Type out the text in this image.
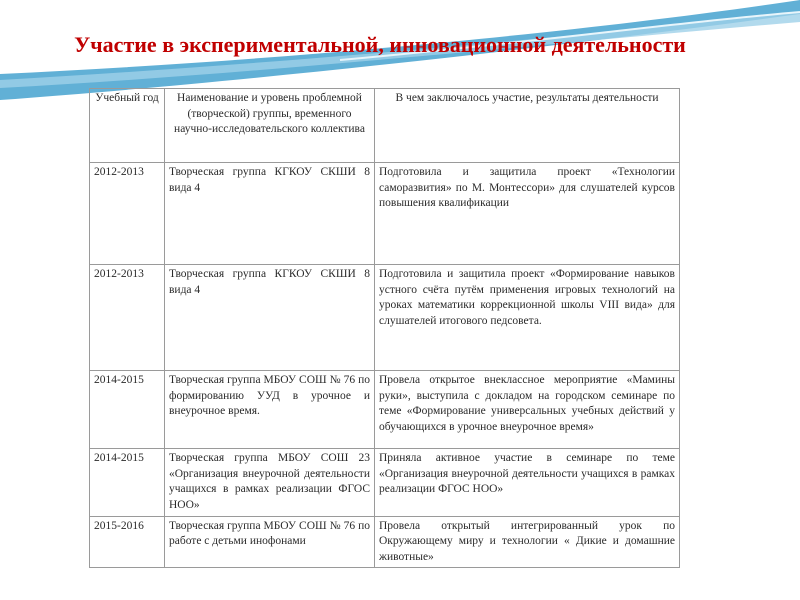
Участие в экспериментальной, инновационной деятельности
Учебный год	Наименование и уровень проблемной (творческой) группы, временного научно-исследовательского коллектива	В чем заключалось участие, результаты деятельности
2012-2013	Творческая группа КГКОУ СКШИ 8 вида 4	Подготовила и защитила проект «Технологии саморазвития» по М. Монтессори» для слушателей курсов повышения квалификации
2012-2013	Творческая группа КГКОУ СКШИ 8 вида 4	Подготовила и защитила проект «Формирование навыков устного счёта путём применения игровых технологий на уроках математики коррекционной школы VIII вида» для слушателей итогового педсовета.
2014-2015	Творческая группа МБОУ СОШ № 76 по формированию УУД в урочное и внеурочное время.	Провела открытое внеклассное мероприятие «Мамины руки», выступила с докладом на городском семинаре по теме «Формирование универсальных учебных действий у обучающихся в урочное внеурочное время»
2014-2015	Творческая группа МБОУ СОШ 23 «Организация внеурочной деятельности учащихся в рамках реализации ФГОС НОО»	Приняла активное участие в семинаре по теме «Организация внеурочной деятельности учащихся в рамках реализации ФГОС НОО»
2015-2016	Творческая группа МБОУ СОШ № 76 по работе с детьми инофонами	Провела открытый интегрированный урок по Окружающему миру и технологии « Дикие и домашние животные»
